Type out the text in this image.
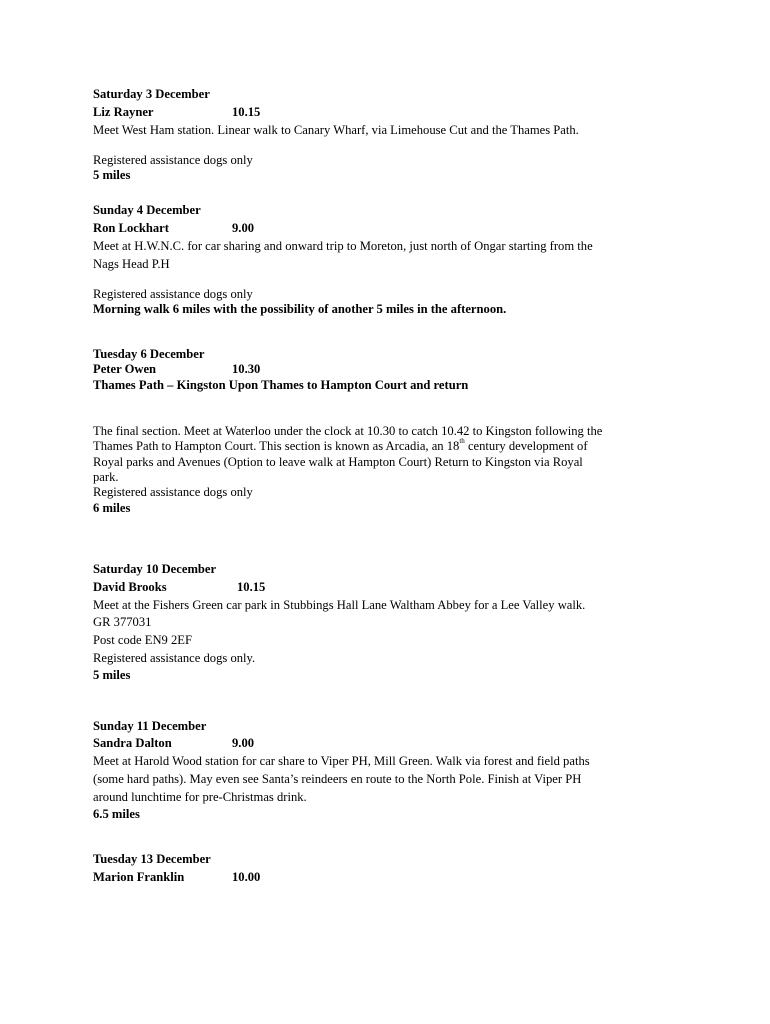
Saturday 3 December
Liz Rayner	10.15
Meet West Ham station. Linear walk to Canary Wharf, via Limehouse Cut and the Thames Path.
Registered assistance dogs only
5 miles
Sunday 4 December
Ron Lockhart	9.00
Meet at H.W.N.C. for car sharing and onward trip to Moreton, just north of Ongar starting from the
Nags Head P.H
Registered assistance dogs only
Morning walk 6 miles with the possibility of another 5 miles in the afternoon.
Tuesday 6 December
Peter Owen	10.30
Thames Path – Kingston Upon Thames to Hampton Court and return
The final section. Meet at Waterloo under the clock at 10.30 to catch 10.42 to Kingston following the
Thames Path to Hampton Court. This section is known as Arcadia, an 18th century development of
Royal parks and Avenues (Option to leave walk at Hampton Court) Return to Kingston via Royal
park.
Registered assistance dogs only
6 miles
Saturday 10 December
David Brooks	10.15
Meet at the Fishers Green car park in Stubbings Hall Lane Waltham Abbey for a Lee Valley walk.
GR 377031
Post code EN9 2EF
Registered assistance dogs only.
5 miles
Sunday 11 December
Sandra Dalton	9.00
Meet at Harold Wood station for car share to Viper PH, Mill Green. Walk via forest and field paths
(some hard paths). May even see Santa’s reindeers en route to the North Pole. Finish at Viper PH
around lunchtime for pre-Christmas drink.
6.5 miles
Tuesday 13 December
Marion Franklin	10.00
